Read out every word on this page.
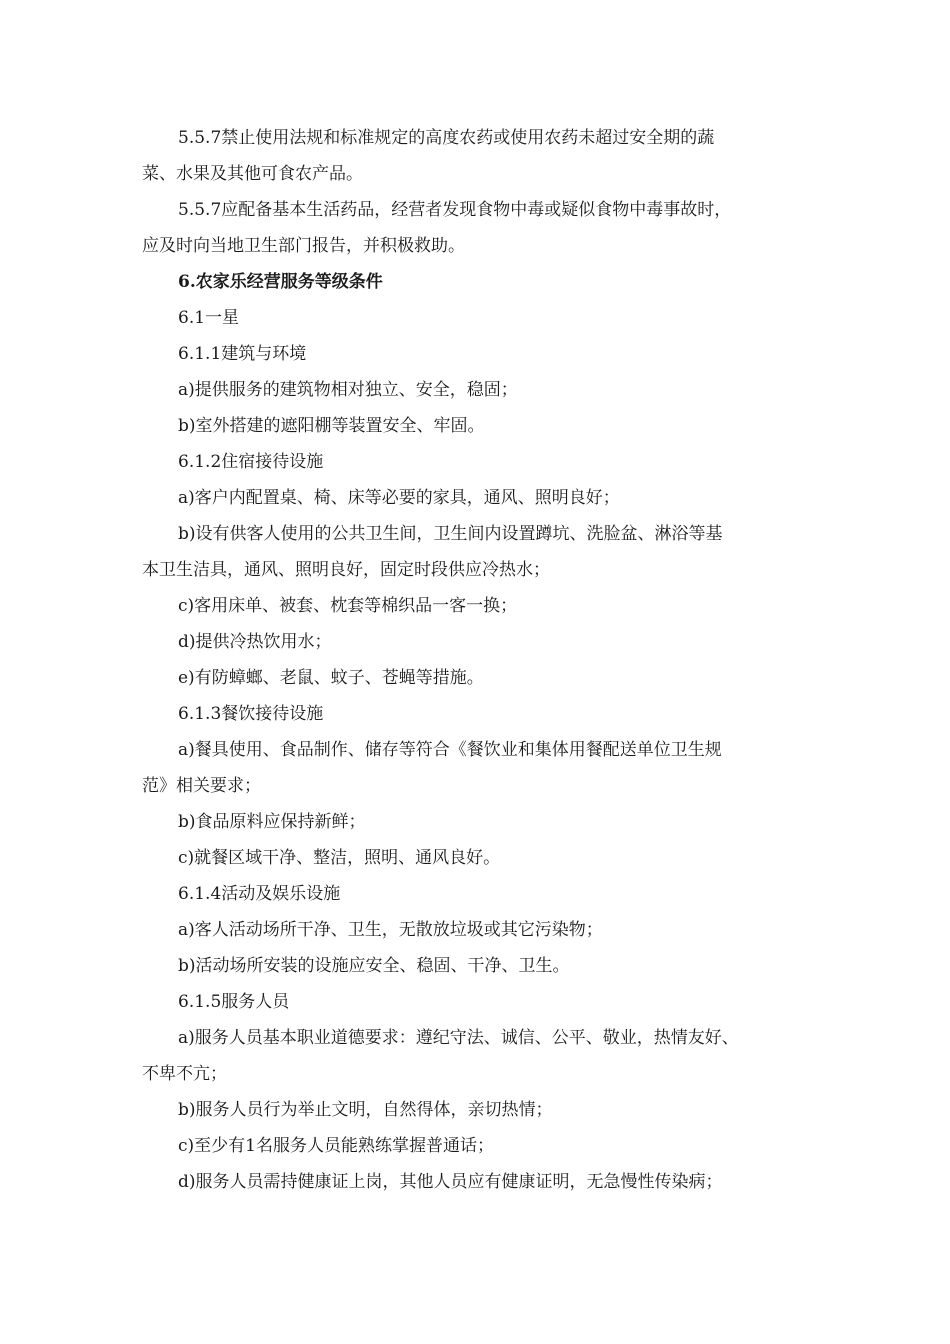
5.5.7禁止使用法规和标准规定的高度农药或使用农药未超过安全期的蔬

菜、水果及其他可食农产品。

5.5.7应配备基本生活药品，经营者发现食物中毒或疑似食物中毒事故时，

应及时向当地卫生部门报告，并积极救助。

6.农家乐经营服务等级条件

6.1一星

6.1.1建筑与环境

a)提供服务的建筑物相对独立、安全，稳固；

b)室外搭建的遮阳棚等装置安全、牢固。

6.1.2住宿接待设施

a)客户内配置桌、椅、床等必要的家具，通风、照明良好；

b)设有供客人使用的公共卫生间，卫生间内设置蹲坑、洗脸盆、淋浴等基

本卫生洁具，通风、照明良好，固定时段供应冷热水；

c)客用床单、被套、枕套等棉织品一客一换；

d)提供冷热饮用水；

e)有防蟑螂、老鼠、蚊子、苍蝇等措施。

6.1.3餐饮接待设施

a)餐具使用、食品制作、储存等符合《餐饮业和集体用餐配送单位卫生规

范》相关要求；

b)食品原料应保持新鲜；

c)就餐区域干净、整洁，照明、通风良好。

6.1.4活动及娱乐设施

a)客人活动场所干净、卫生，无散放垃圾或其它污染物；

b)活动场所安装的设施应安全、稳固、干净、卫生。

6.1.5服务人员

a)服务人员基本职业道德要求：遵纪守法、诚信、公平、敬业，热情友好、

不卑不亢；

b)服务人员行为举止文明，自然得体，亲切热情；

c)至少有1名服务人员能熟练掌握普通话；

d)服务人员需持健康证上岗，其他人员应有健康证明，无急慢性传染病；
